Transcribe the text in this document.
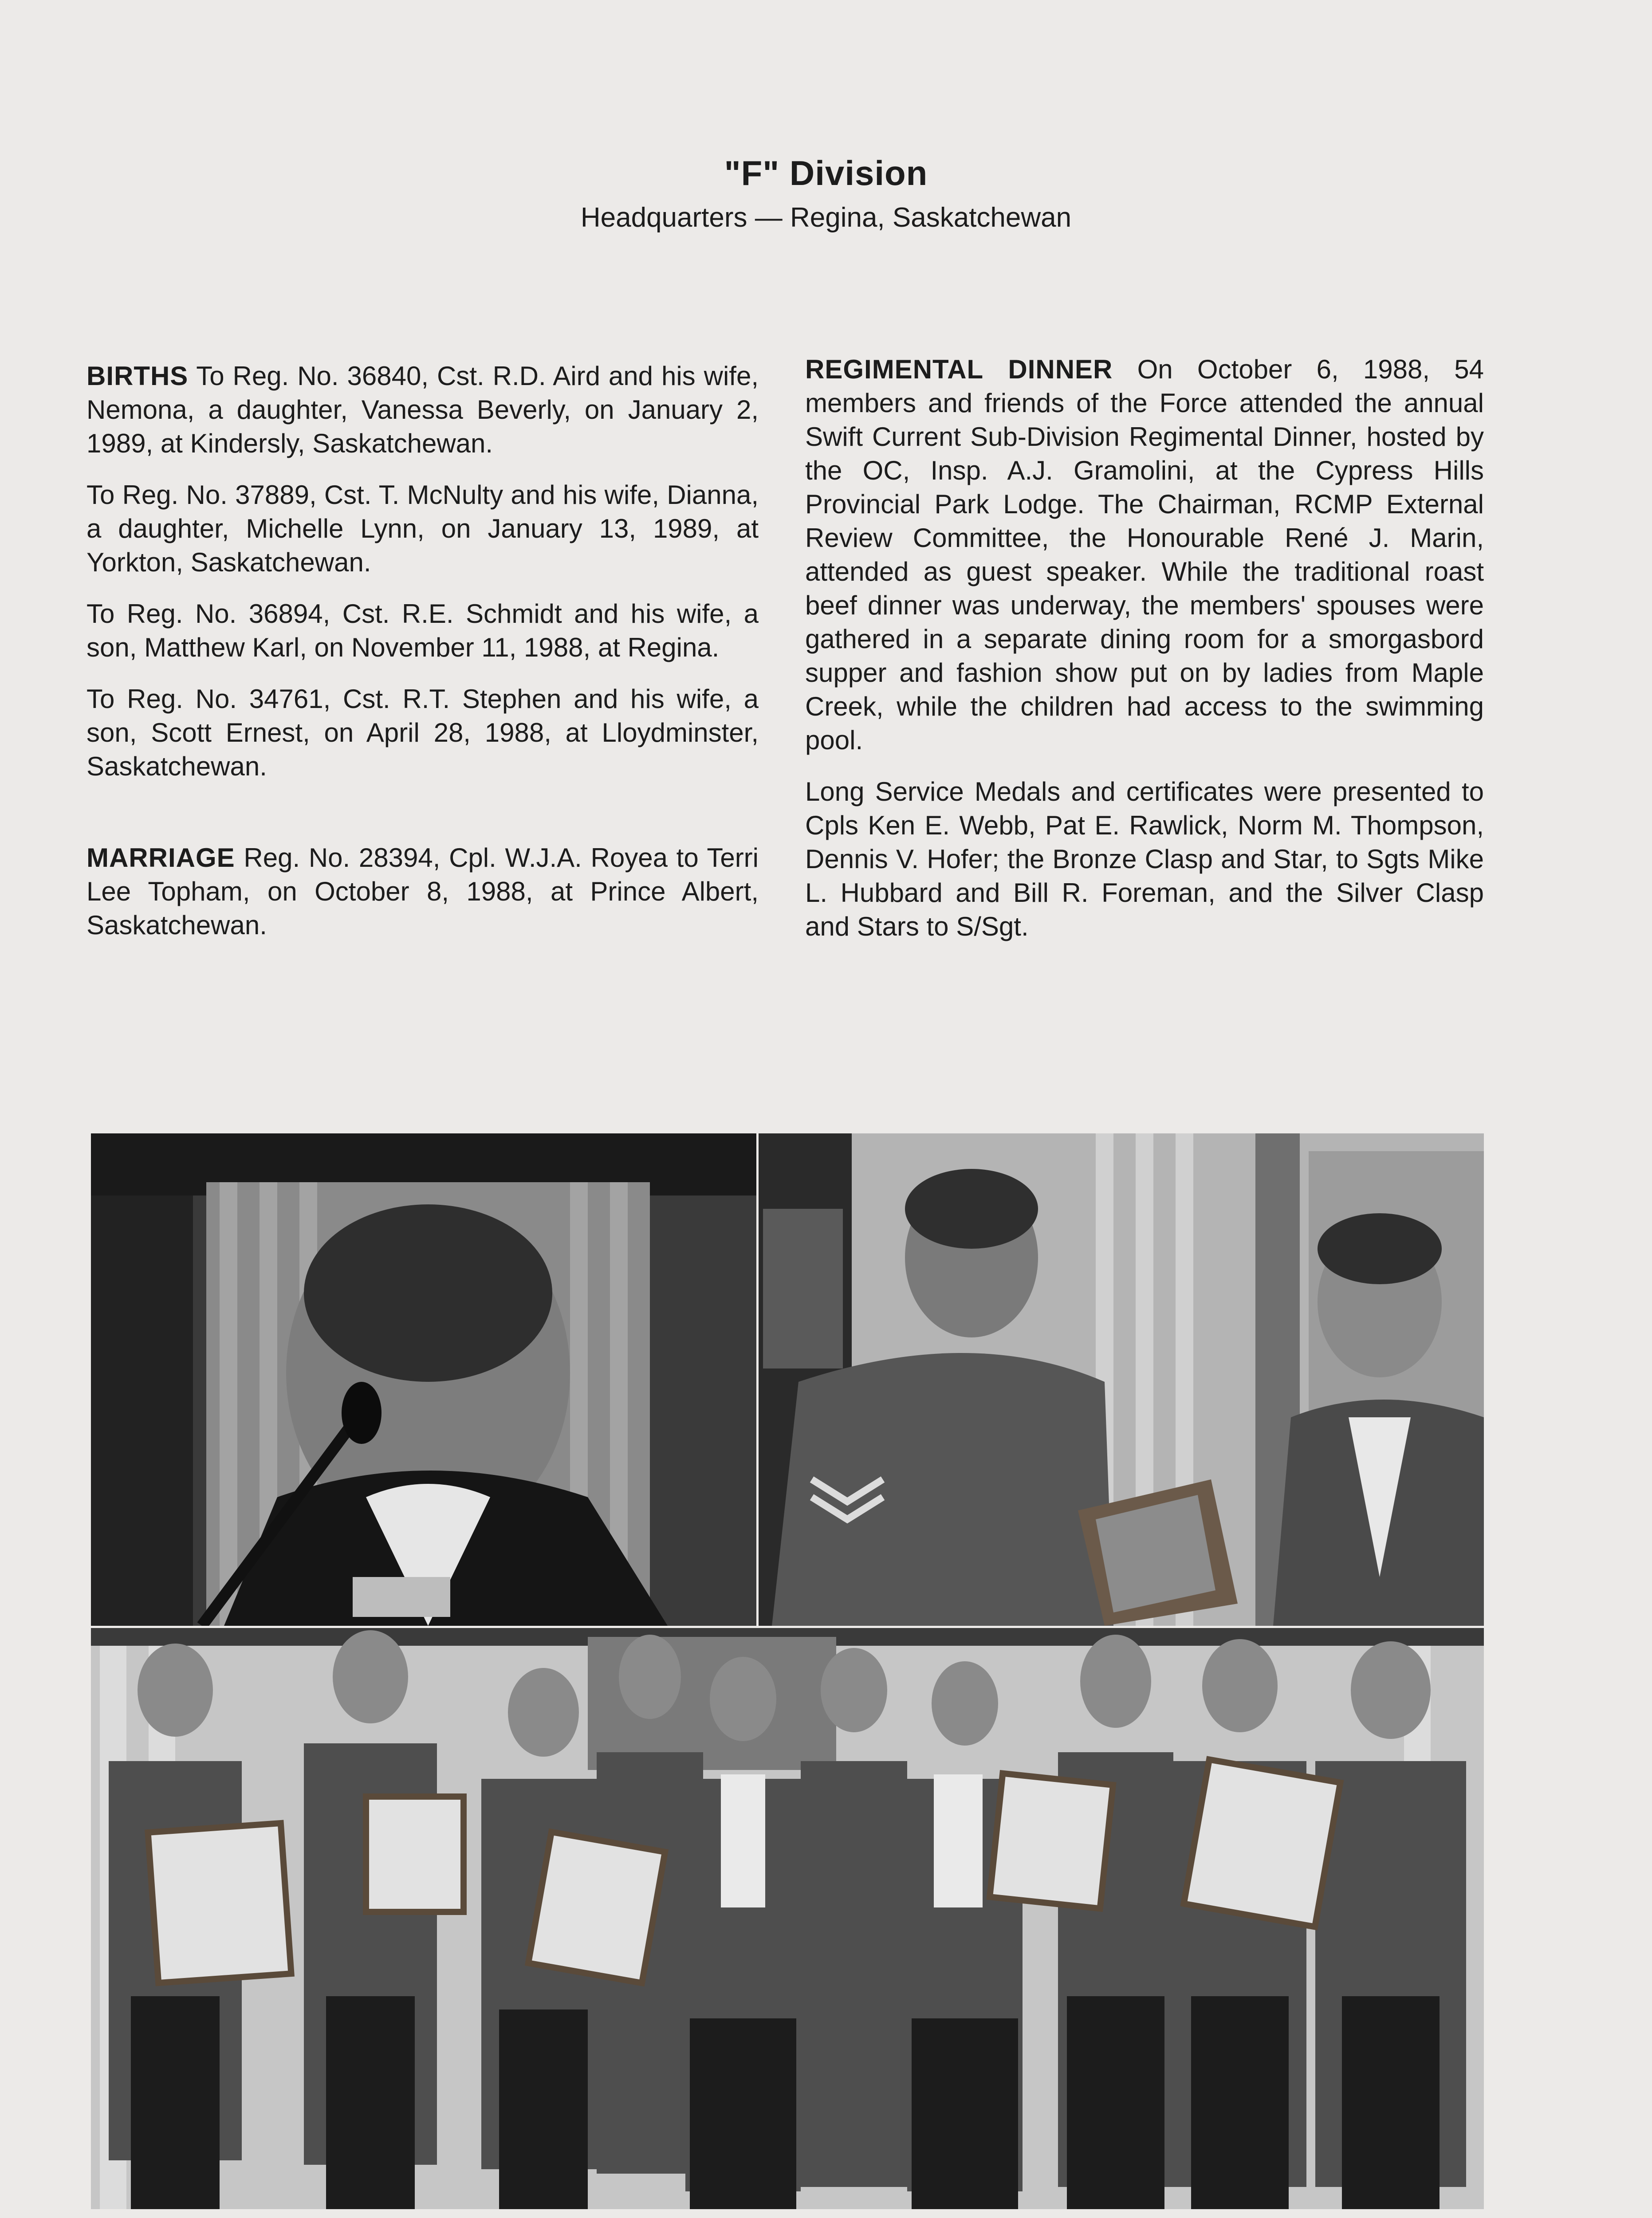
"F" Division
Headquarters — Regina, Saskatchewan

BIRTHS To Reg. No. 36840, Cst. R.D. Aird and his wife, Nemona, a daughter, Vanessa Beverly, on January 2, 1989, at Kindersly, Saskatchewan.

To Reg. No. 37889, Cst. T. McNulty and his wife, Dianna, a daughter, Michelle Lynn, on January 13, 1989, at Yorkton, Saskatchewan.

To Reg. No. 36894, Cst. R.E. Schmidt and his wife, a son, Matthew Karl, on November 11, 1988, at Regina.

To Reg. No. 34761, Cst. R.T. Stephen and his wife, a son, Scott Ernest, on April 28, 1988, at Lloydminster, Saskatchewan.

MARRIAGE Reg. No. 28394, Cpl. W.J.A. Royea to Terri Lee Topham, on October 8, 1988, at Prince Albert, Saskatchewan.

REGIMENTAL DINNER On October 6, 1988, 54 members and friends of the Force attended the annual Swift Current Sub-Division Regimental Dinner, hosted by the OC, Insp. A.J. Gramolini, at the Cypress Hills Provincial Park Lodge. The Chairman, RCMP External Review Committee, the Honourable René J. Marin, attended as guest speaker. While the traditional roast beef dinner was underway, the members' spouses were gathered in a separate dining room for a smorgasbord supper and fashion show put on by ladies from Maple Creek, while the children had access to the swimming pool.

Long Service Medals and certificates were presented to Cpls Ken E. Webb, Pat E. Rawlick, Norm M. Thompson, Dennis V. Hofer; the Bronze Clasp and Star, to Sgts Mike L. Hubbard and Bill R. Foreman, and the Silver Clasp and Stars to S/Sgt.
